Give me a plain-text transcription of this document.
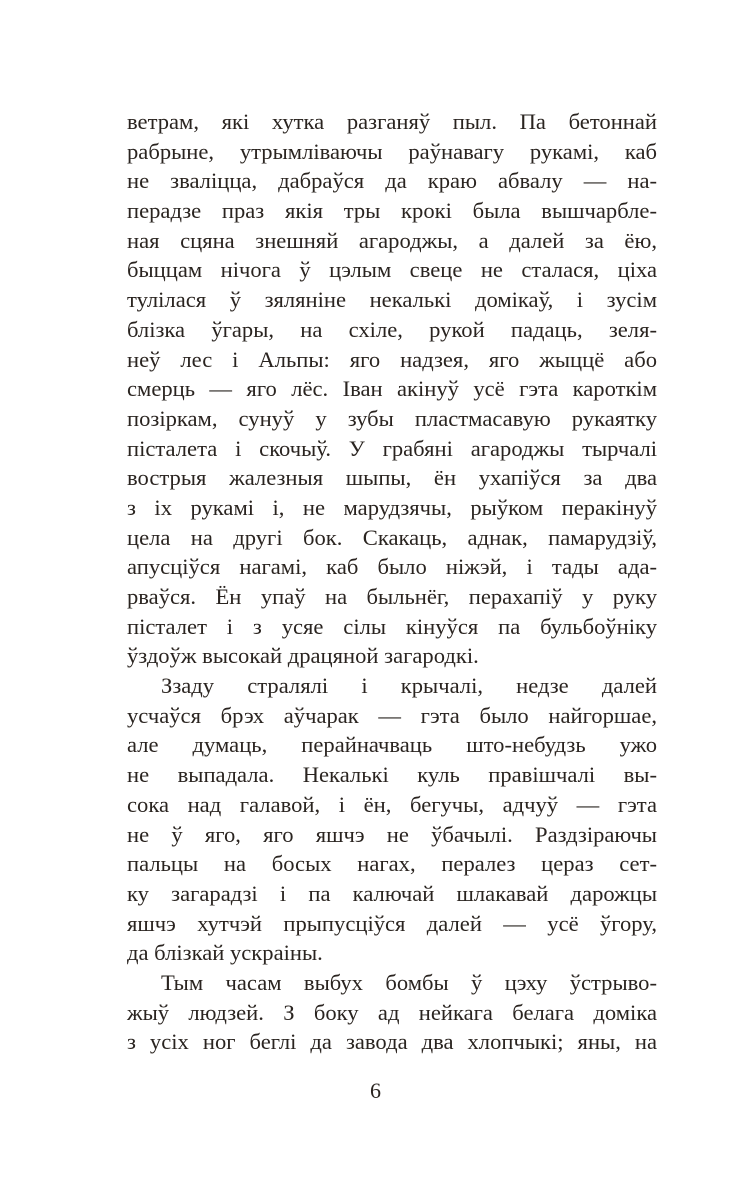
ветрам, які хутка разганяў пыл. Па бетоннай
рабрыне, утрымліваючы раўнавагу рукамі, каб
не зваліцца, дабраўся да краю абвалу — на-
перадзе праз якія тры крокі была вышчарбле-
ная сцяна знешняй агароджы, а далей за ёю,
быццам нічога ў цэлым свеце не сталася, ціха
тулілася ў зяляніне некалькі домікаў, і зусім
блізка ўгары, на схіле, рукой падаць, зеля-
неў лес і Альпы: яго надзея, яго жыццё або
смерць — яго лёс. Іван акінуў усё гэта кароткім
позіркам, сунуў у зубы пластмасавую рукаятку
пісталета і скочыў. У грабяні агароджы тырчалі
вострыя жалезныя шыпы, ён ухапіўся за два
з іх рукамі і, не марудзячы, рыўком перакінуў
цела на другі бок. Скакаць, аднак, памарудзіў,
апусціўся нагамі, каб было ніжэй, і тады ада-
рваўся. Ён упаў на быльнёг, перахапіў у руку
пісталет і з усяе сілы кінуўся па бульбоўніку
ўздоўж высокай драцяной загародкі.
Ззаду стралялі і крычалі, недзе далей
усчаўся брэх аўчарак — гэта было найгоршае,
але думаць, перайначваць што-небудзь ужо
не выпадала. Некалькі куль правішчалі вы-
сока над галавой, і ён, бегучы, адчуў — гэта
не ў яго, яго яшчэ не ўбачылі. Раздзіраючы
пальцы на босых нагах, пералез цераз сет-
ку загарадзі і па калючай шлакавай дарожцы
яшчэ хутчэй прыпусціўся далей — усё ўгору,
да блізкай ускраіны.
Тым часам выбух бомбы ў цэху ўстрыво-
жыў людзей. З боку ад нейкага белага доміка
з усіх ног беглі да завода два хлопчыкі; яны, на
6
